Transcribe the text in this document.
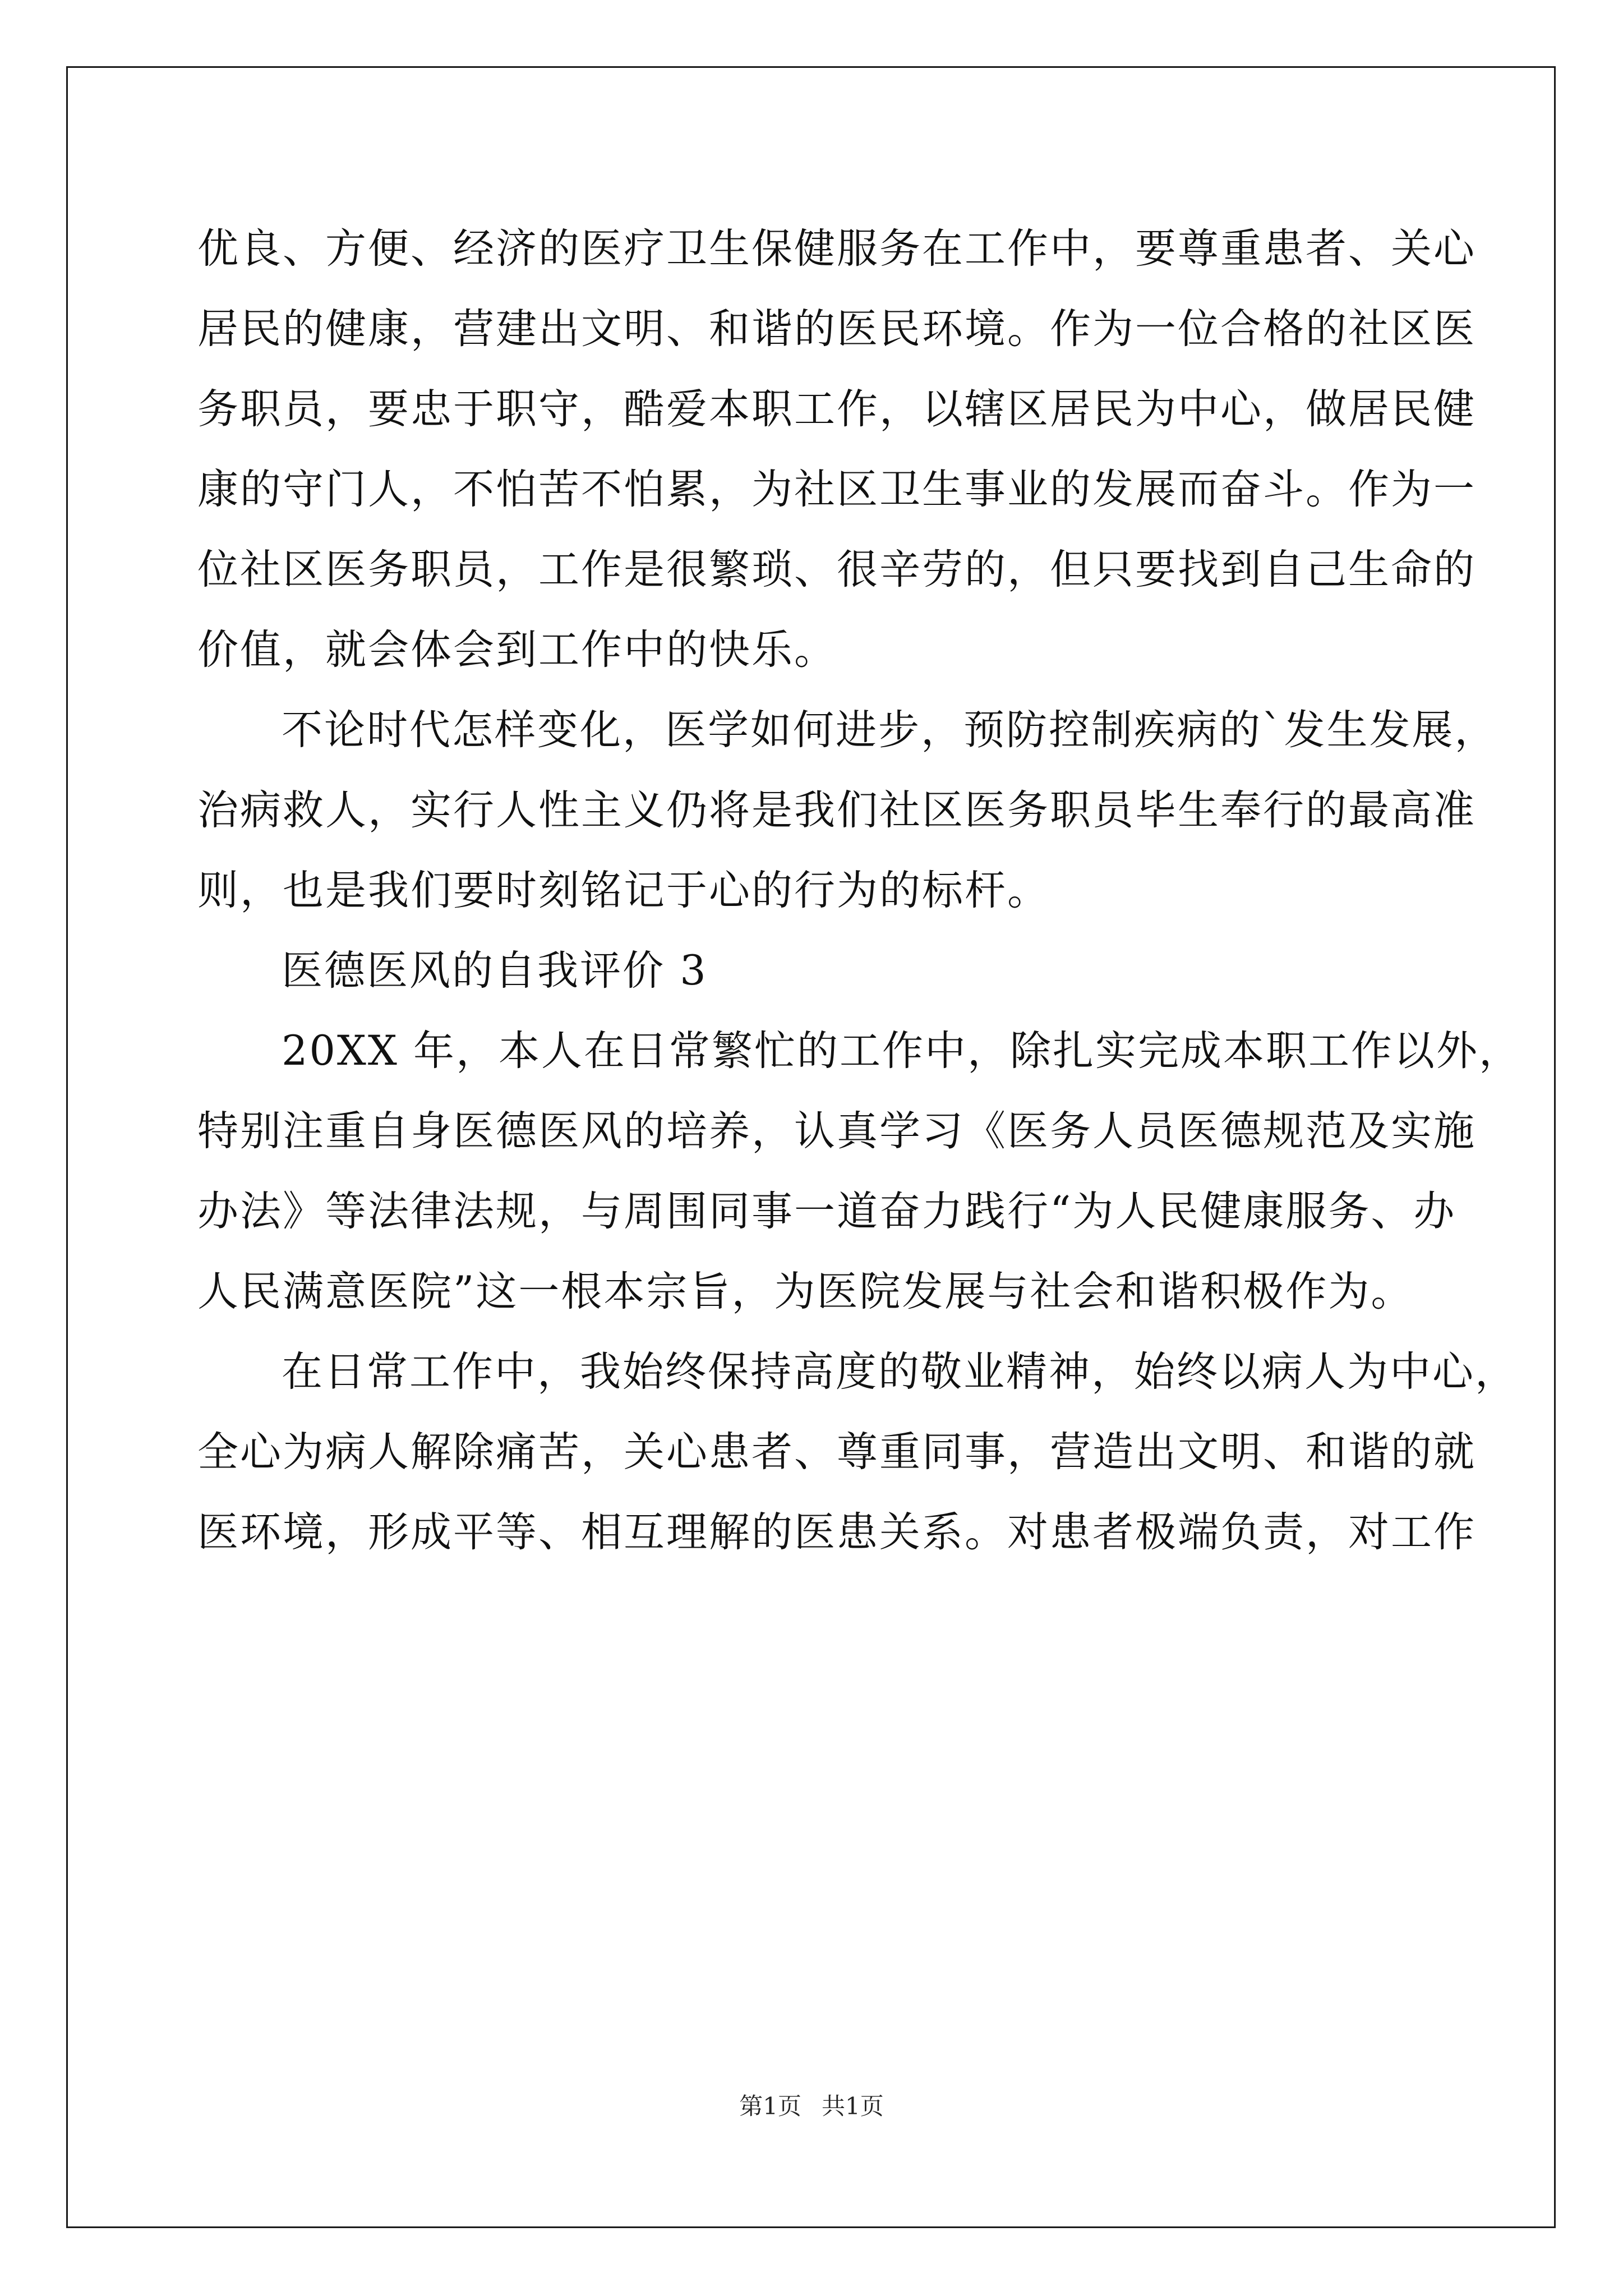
优良、方便、经济的医疗卫生保健服务在工作中，要尊重患者、关心
居民的健康，营建出文明、和谐的医民环境。作为一位合格的社区医
务职员，要忠于职守，酷爱本职工作，以辖区居民为中心，做居民健
康的守门人，不怕苦不怕累，为社区卫生事业的发展而奋斗。作为一
位社区医务职员，工作是很繁琐、很辛劳的，但只要找到自己生命的
价值，就会体会到工作中的快乐。
不论时代怎样变化，医学如何进步，预防控制疾病的`发生发展，
治病救人，实行人性主义仍将是我们社区医务职员毕生奉行的最高准
则，也是我们要时刻铭记于心的行为的标杆。
医德医风的自我评价 3
20XX 年，本人在日常繁忙的工作中，除扎实完成本职工作以外，
特别注重自身医德医风的培养，认真学习《医务人员医德规范及实施
办法》等法律法规，与周围同事一道奋力践行“为人民健康服务、办
人民满意医院”这一根本宗旨，为医院发展与社会和谐积极作为。
在日常工作中，我始终保持高度的敬业精神，始终以病人为中心，
全心为病人解除痛苦，关心患者、尊重同事，营造出文明、和谐的就
医环境，形成平等、相互理解的医患关系。对患者极端负责，对工作
第1页 共1页
